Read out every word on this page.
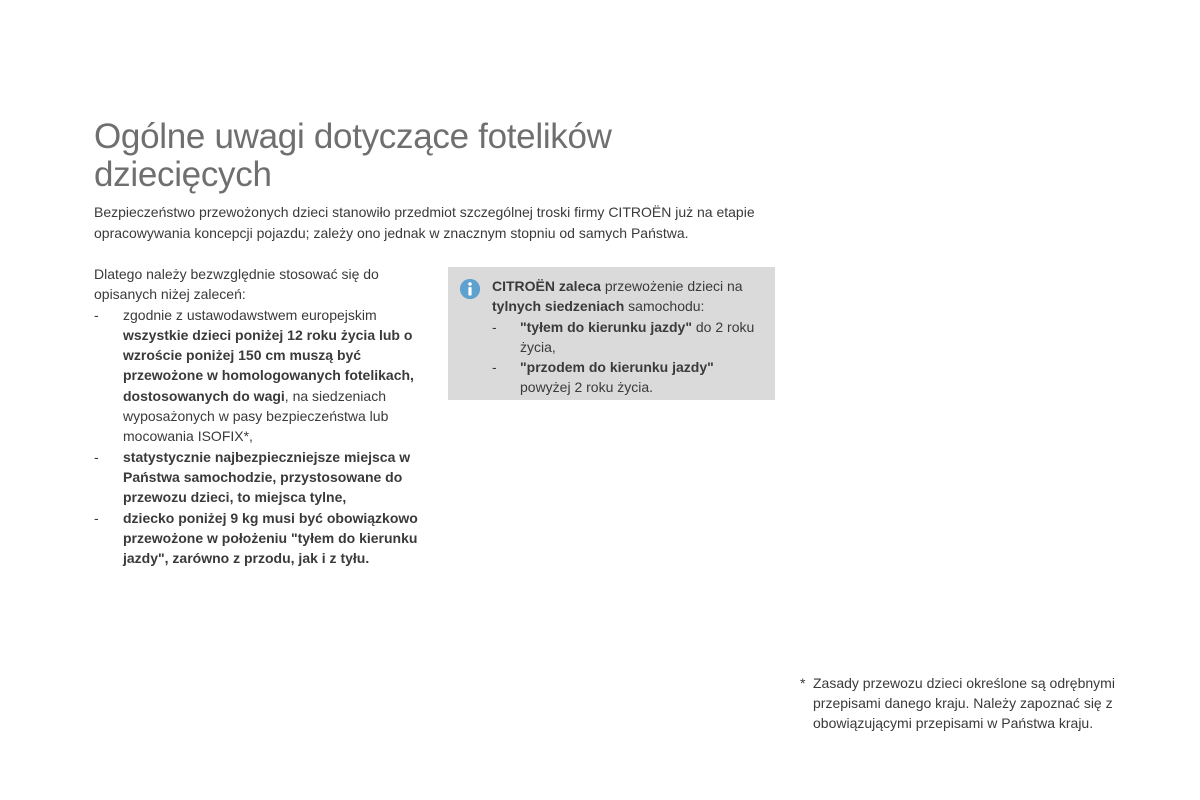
Ogólne uwagi dotyczące fotelików dziecięcych

Bezpieczeństwo przewożonych dzieci stanowiło przedmiot szczególnej troski firmy CITROËN już na etapie opracowywania koncepcji pojazdu; zależy ono jednak w znacznym stopniu od samych Państwa.

Dlatego należy bezwzględnie stosować się do opisanych niżej zaleceń:

- zgodnie z ustawodawstwem europejskim wszystkie dzieci poniżej 12 roku życia lub o wzroście poniżej 150 cm muszą być przewożone w homologowanych fotelikach, dostosowanych do wagi, na siedzeniach wyposażonych w pasy bezpieczeństwa lub mocowania ISOFIX*,
- statystycznie najbezpieczniejsze miejsca w Państwa samochodzie, przystosowane do przewozu dzieci, to miejsca tylne,
- dziecko poniżej 9 kg musi być obowiązkowo przewożone w położeniu "tyłem do kierunku jazdy", zarówno z przodu, jak i z tyłu.

CITROËN zaleca przewożenie dzieci na tylnych siedzeniach samochodu:

- "tyłem do kierunku jazdy" do 2 roku życia,
- "przodem do kierunku jazdy" powyżej 2 roku życia.
* Zasady przewozu dzieci określone są odrębnymi przepisami danego kraju. Należy zapoznać się z obowiązującymi przepisami w Państwa kraju.
